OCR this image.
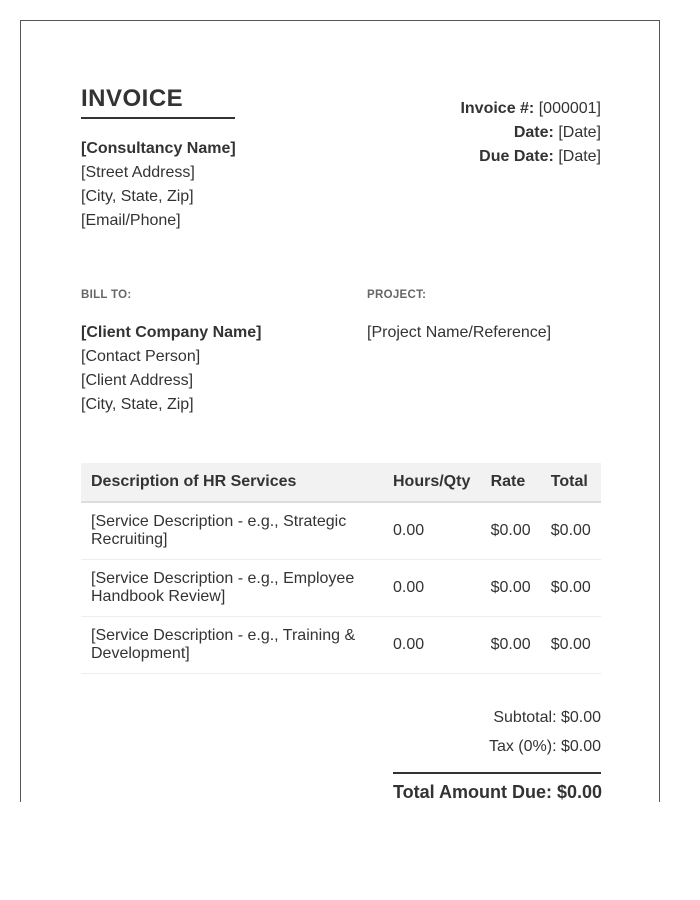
INVOICE
[Consultancy Name]
[Street Address]
[City, State, Zip]
[Email/Phone]
Invoice #: [000001]
Date: [Date]
Due Date: [Date]
BILL TO:	PROJECT:
[Client Company Name]
[Contact Person]
[Client Address]
[City, State, Zip]
[Project Name/Reference]
Description of HR Services	Hours/Qty	Rate	Total
[Service Description - e.g., Strategic Recruiting]	0.00	$0.00	$0.00
[Service Description - e.g., Employee Handbook Review]	0.00	$0.00	$0.00
[Service Description - e.g., Training & Development]	0.00	$0.00	$0.00
Subtotal: $0.00
Tax (0%): $0.00
Total Amount Due: $0.00
